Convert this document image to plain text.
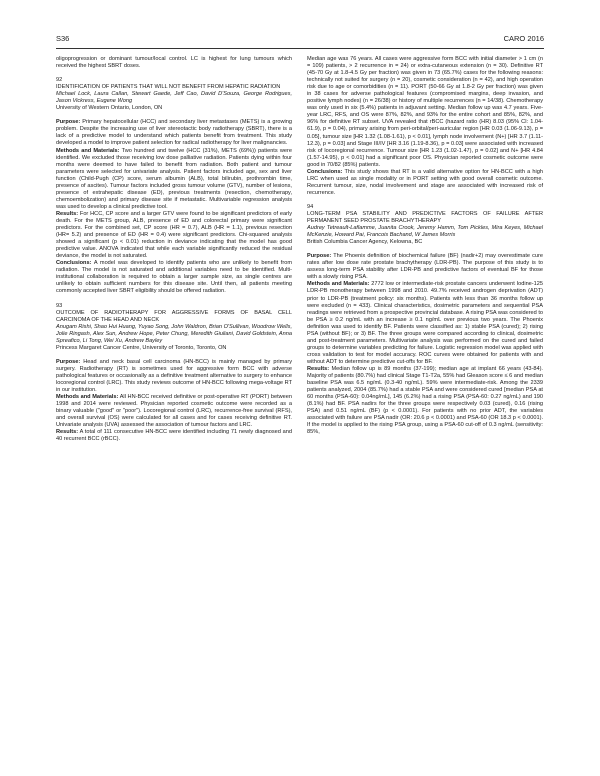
S36	CARO 2016

oligoprogression or dominant tumour/local control. LC is highest for lung tumours which received the highest SBRT doses.

92

IDENTIFICATION OF PATIENTS THAT WILL NOT BENEFIT FROM HEPATIC RADIATION

Michael Lock, Laura Callan, Stewart Gaede, Jeff Cao, David D'Souza, George Rodrigues, Jason Vickress, Eugene Wong

University of Western Ontario, London, ON

Purpose: Primary hepatocellular (HCC) and secondary liver metastases (METS) is a growing problem. Despite the increasing use of liver stereotactic body radiotherapy (SBRT), there is a lack of a predictive model to understand which patients benefit from treatment. This study developed a model to improve patient selection for radical radiotherapy for liver malignancies.

Methods and Materials: Two hundred and twelve (HCC (31%), METS (69%)) patients were identified. We excluded those receiving low dose palliative radiation. Patients dying within four months were deemed to have failed to benefit from radiation. Both patient and tumour parameters were selected for univariate analysis. Patient factors included age, sex and liver function (Child-Pugh (CP) score, serum albumin (ALB), total bilirubin, prothrombin time, presence of ascites). Tumour factors included gross tumour volume (GTV), number of lesions, presence of extrahepatic disease (ED), previous treatments (resection, chemotherapy, chemoembolization) and primary disease site if metastatic. Multivariable regression analysis was used to develop a clinical predictive tool.

Results: For HCC, CP score and a larger GTV were found to be significant predictors of early death. For the METS group, ALB, presence of ED and colorectal primary were significant predictors. For the combined set, CP score (HR = 0.7), ALB (HR = 1.1), previous resection (HR= 5.2) and presence of ED (HR = 0.4) were significant predictors. Chi-squared analysis showed a significant (p < 0.01) reduction in deviance indicating that the model has good predictive value. ANOVA indicated that while each variable significantly reduced the residual deviance, the model is not saturated.

Conclusions: A model was developed to identify patients who are unlikely to benefit from radiation. The model is not saturated and additional variables need to be identified. Multi-institutional collaboration is required to obtain a larger sample size, as single centres are unlikely to obtain sufficient numbers for this disease site. Until then, all patients meeting commonly accepted liver SBRT eligibility should be offered radiation.

93

OUTCOME OF RADIOTHERAPY FOR AGGRESSIVE FORMS OF BASAL CELL CARCINOMA OF THE HEAD AND NECK

Anugam Rishi, Shao Hui Huang, Yuyao Song, John Waldron, Brian O'Sullivan, Woodrow Wells, Jolie Ringash, Alex Sun, Andrew Hope, Peter Chung, Meredith Giuliani, David Goldstein, Anna Spreafico, Li Tong, Wei Xu, Andrew Bayley

Princess Margaret Cancer Centre, University of Toronto, Toronto, ON

Purpose: Head and neck basal cell carcinoma (HN-BCC) is mainly managed by primary surgery. Radiotherapy (RT) is sometimes used for aggressive form BCC with adverse pathological features or occasionally as a definitive treatment alternative to surgery to enhance locoregional control (LRC). This study reviews outcome of HN-BCC following mega-voltage RT in our institution.

Methods and Materials: All HN-BCC received definitive or post-operative RT (PORT) between 1998 and 2014 were reviewed. Physician reported cosmetic outcome were recorded as a binary valuable ("good" or "poor"). Locoregional control (LRC), recurrence-free survival (RFS), and overall survival (OS) were calculated for all cases and for cases receiving definitive RT. Univariate analysis (UVA) assessed the association of tumour factors and LRC.

Results: A total of 111 consecutive HN-BCC were identified including 71 newly diagnosed and 40 recurrent BCC (rBCC).

Median age was 76 years. All cases were aggressive form BCC with initial diameter > 1 cm (n = 109) patients, > 2 recurrence in = 24) or extra-cutaneous extension (n = 30). Definitive RT (45-70 Gy at 1.8-4.5 Gy per fraction) was given in 73 (65.7%) cases for the following reasons: technically not suited for surgery (n = 20), cosmetic consideration (n = 42), and high operation risk due to age or comorbidities (n = 11). PORT (50-66 Gy at 1.8-2 Gy per fraction) was given in 38 cases for adverse pathological features (compromised margins, deep invasion, and positive lymph nodes) (n = 26/38) or history of multiple recurrences (n = 14/38). Chemotherapy was only used in six (5.4%) patients in adjuvant setting. Median follow up was 4.7 years. Five-year LRC, RFS, and OS were 87%, 82%, and 93% for the entire cohort and 85%, 82%, and 96% for definitive RT subset. UVA revealed that rBCC (hazard ratio (HR) 8.03 (95% CI: 1.04-61.9), p = 0.04), primary arising from peri-orbital/peri-auricular region [HR 0.03 (1.06-9.13), p = 0.05], tumour size [HR 1.32 (1.08-1.61), p < 0.01], lymph node involvement (N+) [HR 3.7 (1.11-12.3), p = 0.03] and Stage III/IV [HR 3.16 (1.19-8.36), p = 0.03] were associated with increased risk of locoregional recurrence. Tumour size [HR 1.23 (1.02-1.47), p = 0.02] and N+ [HR 4.84 (1.57-14.95), p < 0.01] had a significant poor OS. Physician reported cosmetic outcome were good in 70/82 (85%) patients.

Conclusions: This study shows that RT is a valid alternative option for HN-BCC with a high LRC when used as single modality or in PORT setting with good overall cosmetic outcome. Recurrent tumour, size, nodal involvement and stage are associated with increased risk of recurrence.

94

LONG-TERM PSA STABILITY AND PREDICTIVE FACTORS OF FAILURE AFTER PERMANENT SEED PROSTATE BRACHYTHERAPY

Audrey Tetreault-Laflamme, Juanita Crook, Jeremy Hamm, Tom Pickles, Mira Keyes, Michael McKenzie, Howard Pai, Francois Bachand, W James Morris

British Columbia Cancer Agency, Kelowna, BC

Purpose: The Phoenix definition of biochemical failure (BF) (nadir+2) may overestimate cure rates after low dose rate prostate brachytherapy (LDR-PB). The purpose of this study is to assess long-term PSA stability after LDR-PB and predictive factors of eventual BF for those with a slowly rising PSA.

Methods and Materials: 2772 low or intermediate-risk prostate cancers underwent Iodine-125 LDR-PB monotherapy between 1998 and 2010. 49.7% received androgen deprivation (ADT) prior to LDR-PB (treatment policy: six months). Patients with less than 36 months follow up were excluded (n = 433). Clinical characteristics, dosimetric parameters and sequential PSA readings were retrieved from a prospective provincial database. A rising PSA was considered to be PSA ≥ 0.2 ng/mL with an increase ≥ 0.1 ng/mL over previous two years. The Phoenix definition was used to identify BF. Patients were classified as: 1) stable PSA (cured); 2) rising PSA (without BF); or 3) BF. The three groups were compared according to clinical, dosimetric and post-treatment parameters. Multivariate analysis was performed on the cured and failed groups to determine variables predicting for failure. Logistic regression model was applied with cross validation to test for model accuracy. ROC curves were obtained for patients with and without ADT to determine predictive cut-offs for BF.

Results: Median follow up is 89 months (37-199); median age at implant 66 years (43-84). Majority of patients (80.7%) had clinical Stage T1-T2a, 55% had Gleason score ≤ 6 and median baseline PSA was 6.5 ng/mL (0.3-40 ng/mL). 59% were intermediate-risk. Among the 2339 patients analyzed, 2004 (85.7%) had a stable PSA and were considered cured [median PSA at 60 months (PSA-60): 0.04ng/mL], 145 (6.2%) had a rising PSA (PSA-60: 0.27 ng/mL) and 190 (8.1%) had BF. PSA nadirs for the three groups were respectively 0.03 (cured), 0.16 (rising PSA) and 0.51 ng/mL (BF) (p < 0.0001). For patients with no prior ADT, the variables associated with failure are PSA nadir (OR: 20.6 p < 0.0001) and PSA-60 (OR 18.3 p < 0.0001). If the model is applied to the rising PSA group, using a PSA-60 cut-off of 0.3 ng/mL (sensitivity: 85%,
